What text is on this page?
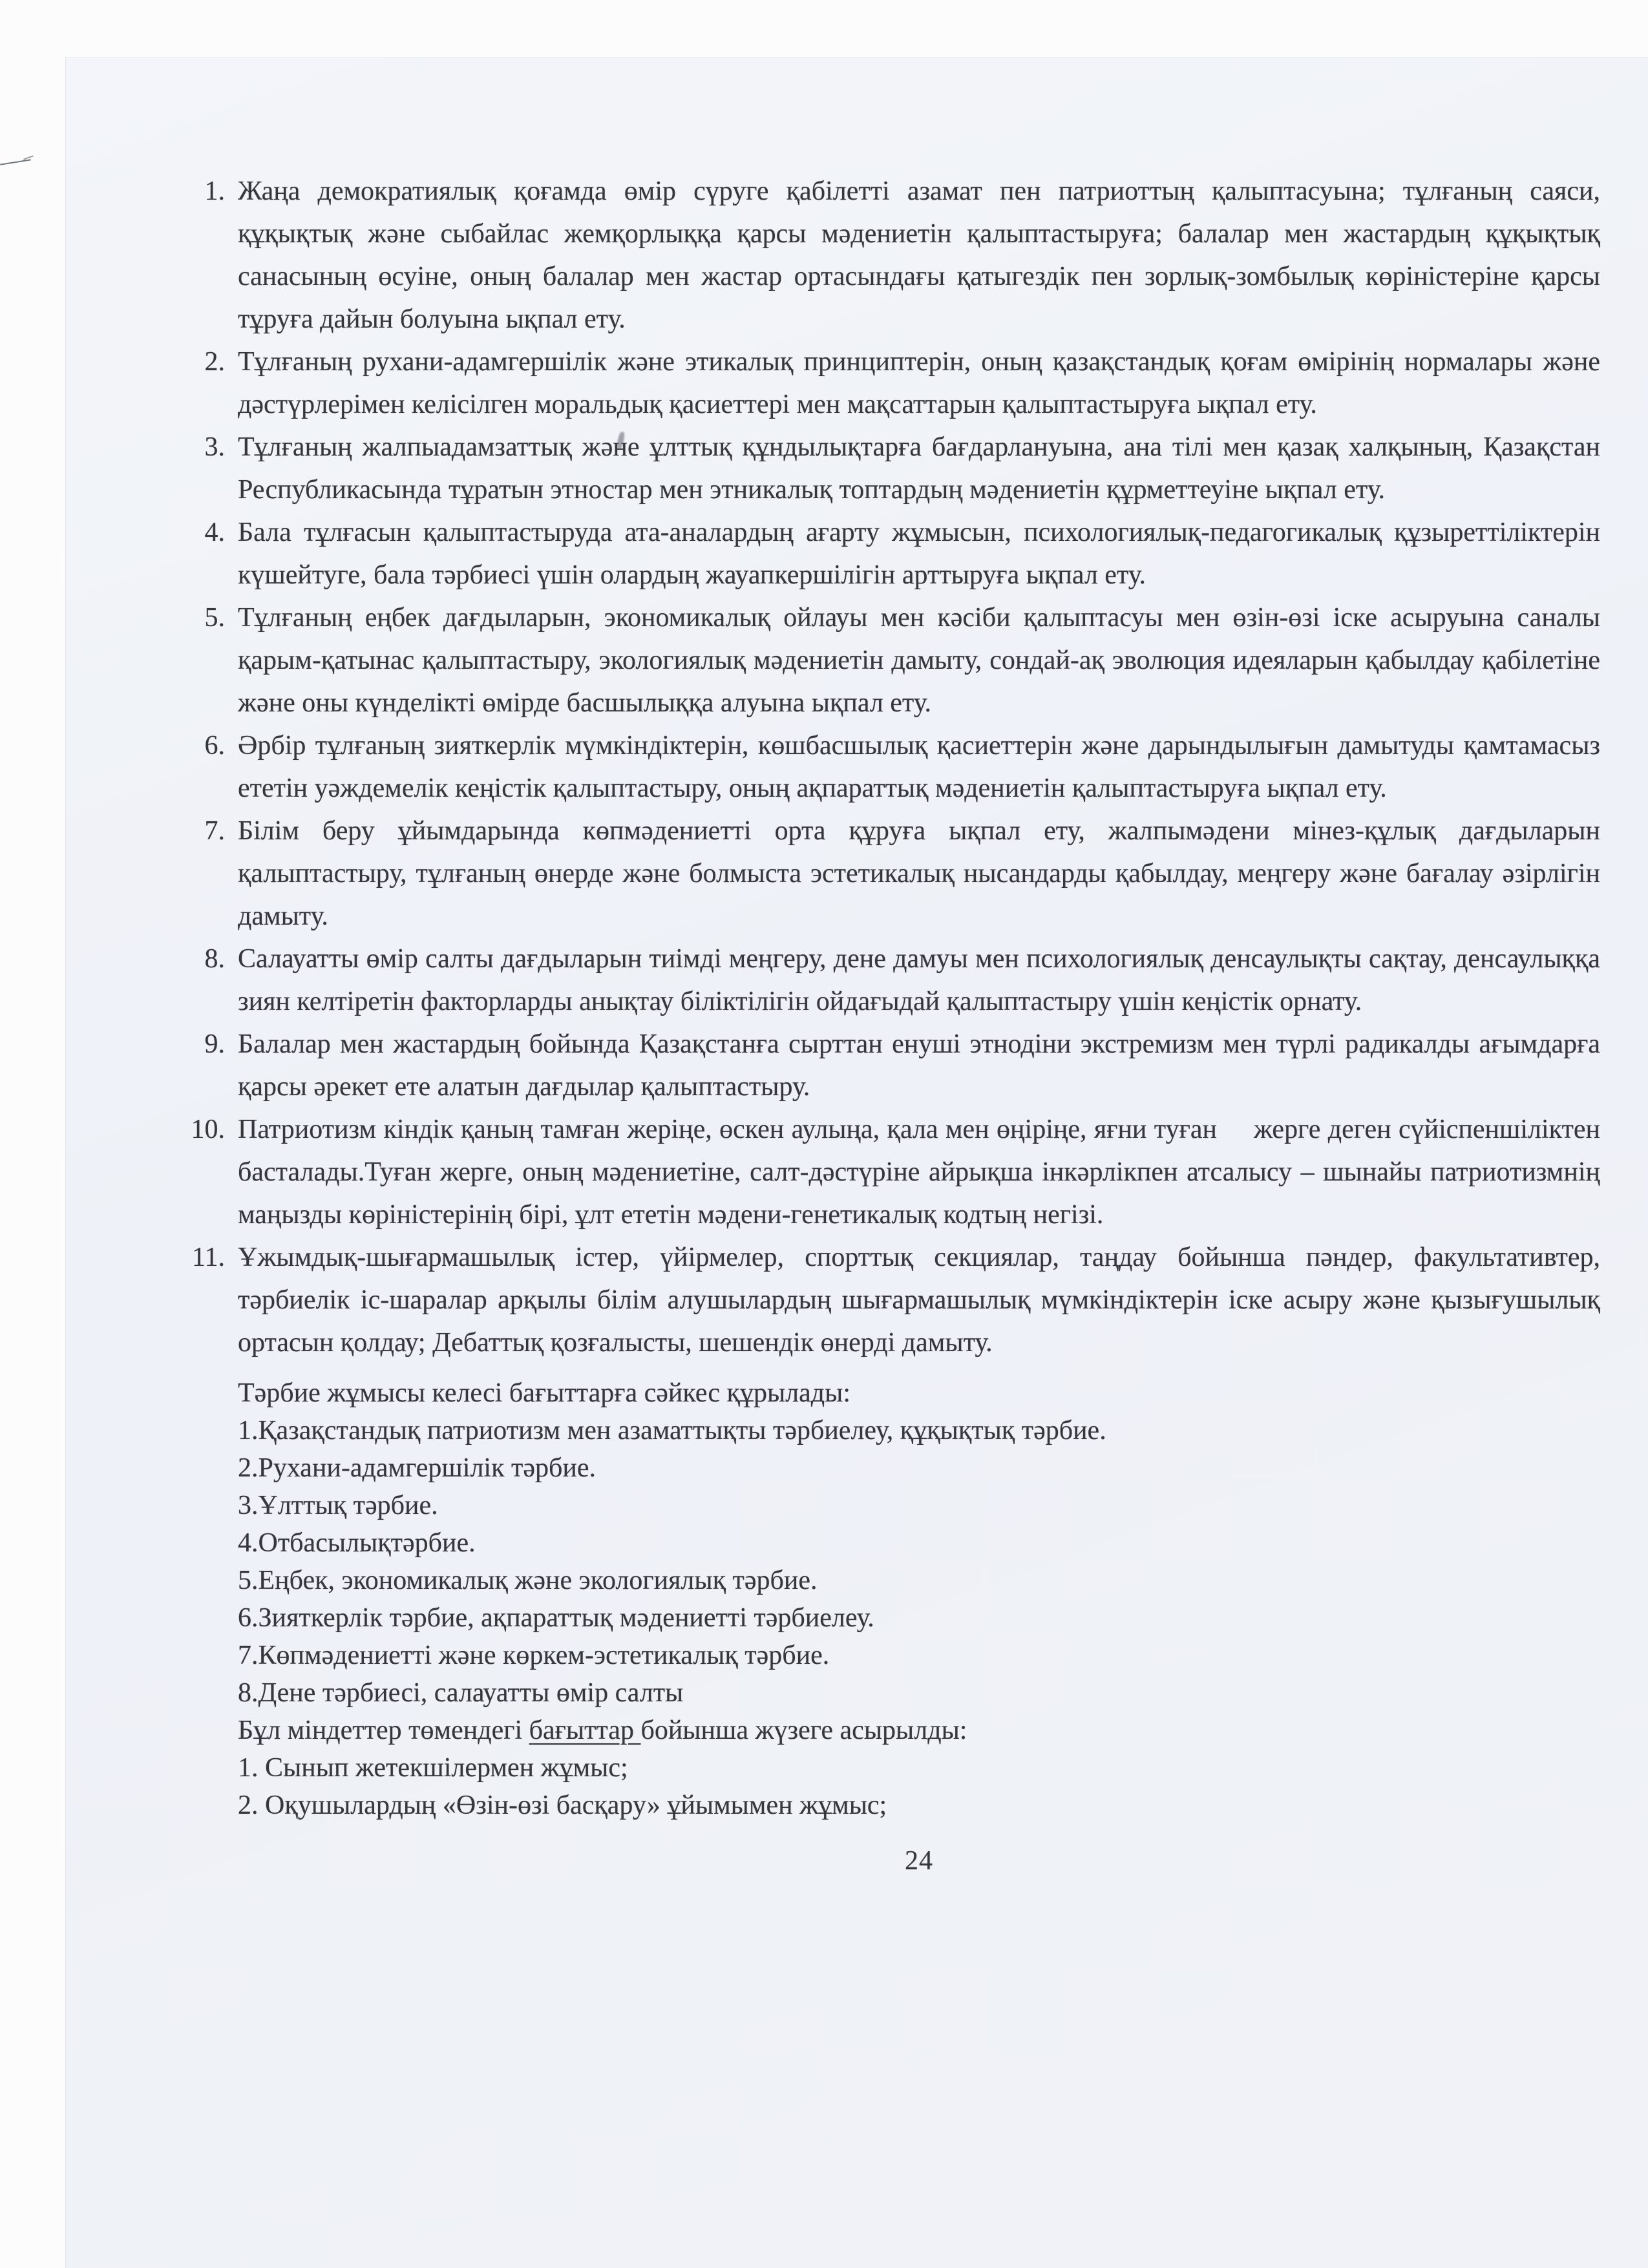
1. Жаңа демократиялық қоғамда өмір сүруге қабілетті азамат пен патриоттың қалыптасуына; тұлғаның саяси, құқықтық және сыбайлас жемқорлыққа қарсы мәдениетін қалыптастыруға; балалар мен жастардың құқықтық санасының өсуіне, оның балалар мен жастар ортасындағы қатыгездік пен зорлық-зомбылық көріністеріне қарсы тұруға дайын болуына ықпал ету.
2. Тұлғаның рухани-адамгершілік және этикалық принциптерін, оның қазақстандық қоғам өмірінің нормалары және дәстүрлерімен келісілген моральдық қасиеттері мен мақсаттарын қалыптастыруға ықпал ету.
3. Тұлғаның жалпыадамзаттық және ұлттық құндылықтарға бағдарлануына, ана тілі мен қазақ халқының, Қазақстан Республикасында тұратын этностар мен этникалық топтардың мәдениетін құрметтеуіне ықпал ету.
4. Бала тұлғасын қалыптастыруда ата-аналардың ағарту жұмысын, психологиялық-педагогикалық құзыреттіліктерін күшейтуге, бала тәрбиесі үшін олардың жауапкершілігін арттыруға ықпал ету.
5. Тұлғаның еңбек дағдыларын, экономикалық ойлауы мен кәсіби қалыптасуы мен өзін-өзі іске асыруына саналы қарым-қатынас қалыптастыру, экологиялық мәдениетін дамыту, сондай-ақ эволюция идеяларын қабылдау қабілетіне және оны күнделікті өмірде басшылыққа алуына ықпал ету.
6. Әрбір тұлғаның зияткерлік мүмкіндіктерін, көшбасшылық қасиеттерін және дарындылығын дамытуды қамтамасыз ететін уәждемелік кеңістік қалыптастыру, оның ақпараттық мәдениетін қалыптастыруға ықпал ету.
7. Білім беру ұйымдарында көпмәдениетті орта құруға ықпал ету, жалпымәдени мінез-құлық дағдыларын қалыптастыру, тұлғаның өнерде және болмыста эстетикалық нысандарды қабылдау, меңгеру және бағалау әзірлігін дамыту.
8. Салауатты өмір салты дағдыларын тиімді меңгеру, дене дамуы мен психологиялық денсаулықты сақтау, денсаулыққа зиян келтіретін факторларды анықтау біліктілігін ойдағыдай қалыптастыру үшін кеңістік орнату.
9. Балалар мен жастардың бойында Қазақстанға сырттан енуші этнодіни экстремизм мен түрлі радикалды ағымдарға қарсы әрекет ете алатын дағдылар қалыптастыру.
10. Патриотизм кіндік қаның тамған жеріңе, өскен аулыңа, қала мен өңіріңе, яғни туған     жерге деген сүйіспеншіліктен басталады.Туған жерге, оның мәдениетіне, салт-дәстүріне айрықша інкәрлікпен атсалысу – шынайы патриотизмнің маңызды көріністерінің бірі, ұлт ететін мәдени-генетикалық кодтың негізі.
11. Ұжымдық-шығармашылық істер, үйірмелер, спорттық секциялар, таңдау бойынша пәндер, факультативтер, тәрбиелік іс-шаралар арқылы білім алушылардың шығармашылық мүмкіндіктерін іске асыру және қызығушылық ортасын қолдау; Дебаттық қозғалысты, шешендік өнерді дамыту.
Тәрбие жұмысы келесі бағыттарға сәйкес құрылады:
1.Қазақстандық патриотизм мен азаматтықты тәрбиелеу, құқықтық тәрбие.
2.Рухани-адамгершілік тәрбие.
3.Ұлттық тәрбие.
4.Отбасылықтәрбие.
5.Еңбек, экономикалық және экологиялық тәрбие.
6.Зияткерлік тәрбие, ақпараттық мәдениетті тәрбиелеу.
7.Көпмәдениетті және көркем-эстетикалық тәрбие.
8.Дене тәрбиесі, салауатты өмір салты
Бұл міндеттер төмендегі бағыттар бойынша жүзеге асырылды:
1. Сынып жетекшілермен жұмыс;
2. Оқушылардың «Өзін-өзі басқару» ұйымымен жұмыс;
24
